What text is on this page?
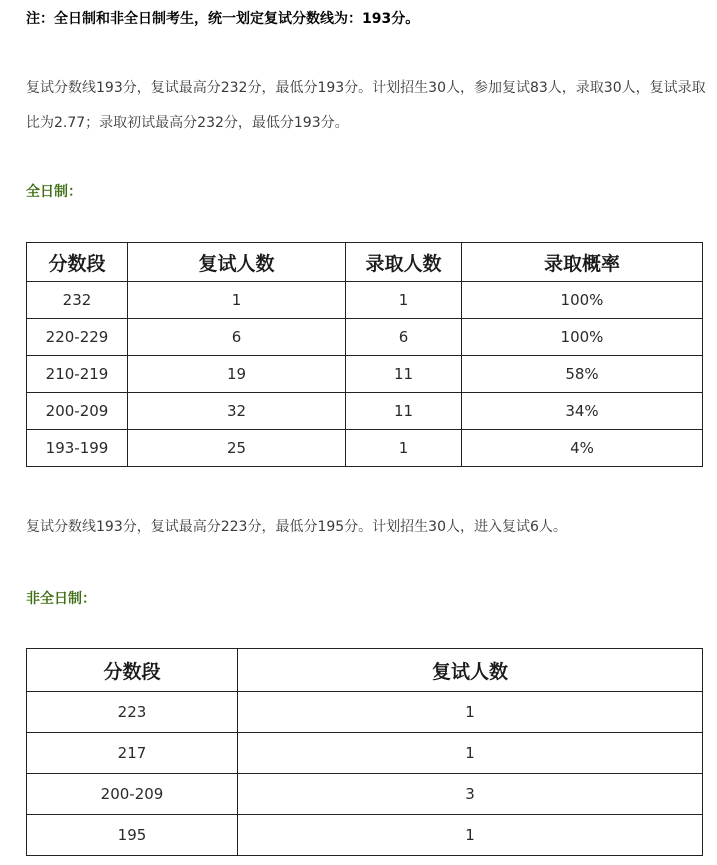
注：全日制和非全日制考生，统一划定复试分数线为：193分。
复试分数线193分，复试最高分232分，最低分193分。计划招生30人，参加复试83人，录取30人，复试录取比为2.77；录取初试最高分232分，最低分193分。
全日制：
分数段	复试人数	录取人数	录取概率
232	1	1	100%
220-229	6	6	100%
210-219	19	11	58%
200-209	32	11	34%
193-199	25	1	4%
复试分数线193分，复试最高分223分，最低分195分。计划招生30人，进入复试6人。
非全日制：
分数段	复试人数
223	1
217	1
200-209	3
195	1
